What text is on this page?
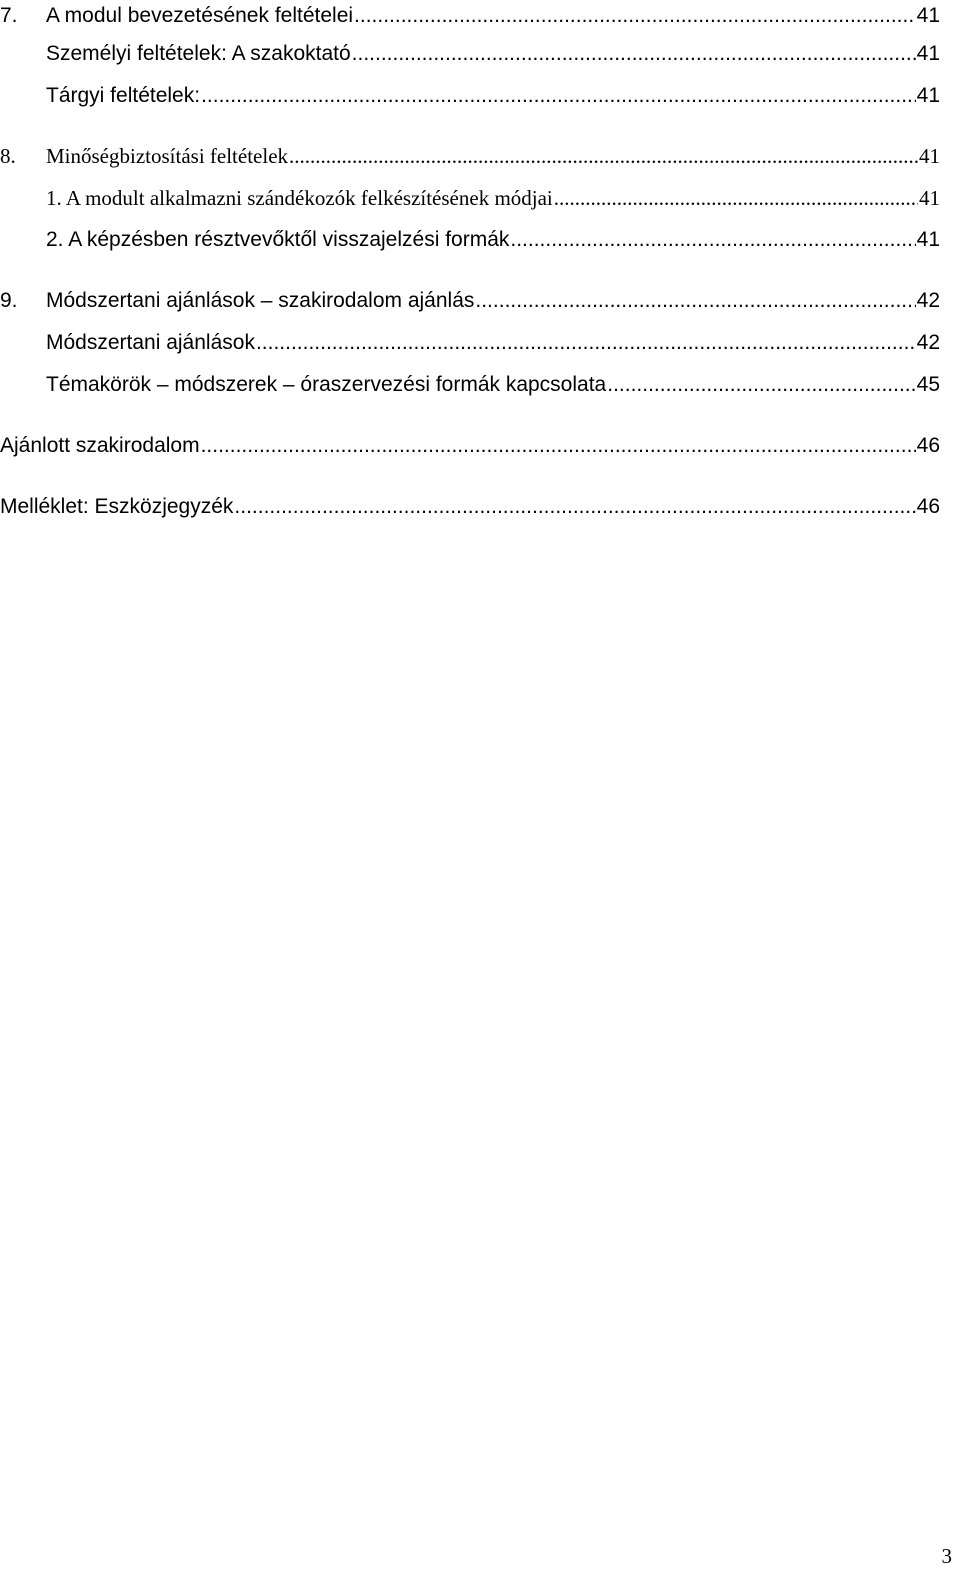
7.	A modul bevezetésének feltételei .....	41
Személyi feltételek: A szakoktató .....	41
Tárgyi feltételek: .....	41
8.	Minőségbiztosítási feltételek .....	41
1. A modult alkalmazni szándékozók felkészítésének módjai .....	41
2. A képzésben résztvevőktől visszajelzési formák .....	41
9.	Módszertani ajánlások – szakirodalom ajánlás .....	42
Módszertani ajánlások .....	42
Témakörök – módszerek – óraszervezési formák kapcsolata .....	45
Ajánlott szakirodalom .....	46
Melléklet: Eszközjegyzék .....	46
3
